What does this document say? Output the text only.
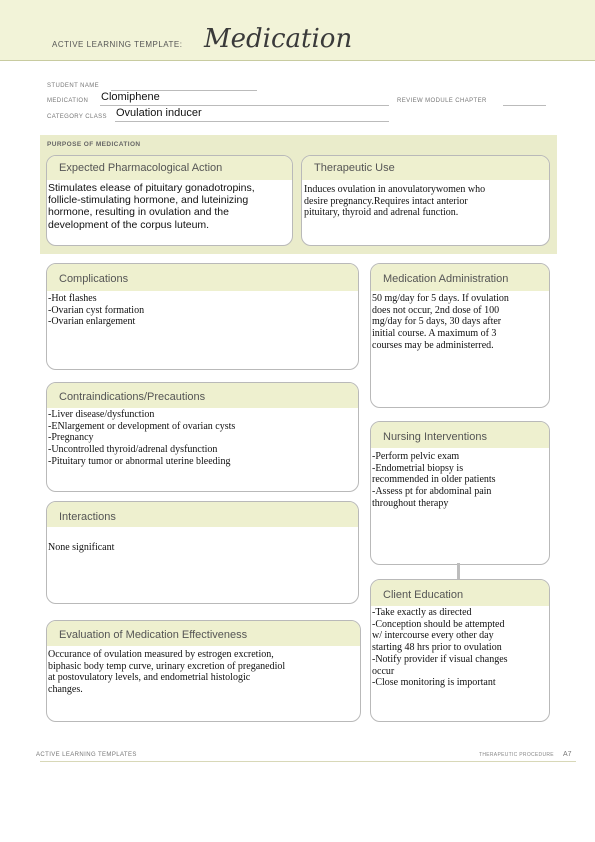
ACTIVE LEARNING TEMPLATE: Medication
STUDENT NAME
MEDICATION Clomiphene	REVIEW MODULE CHAPTER
CATEGORY CLASS Ovulation inducer
PURPOSE OF MEDICATION
Expected Pharmacological Action
Stimulates elease of pituitary gonadotropins,
follicle-stimulating hormone, and luteinizing
hormone, resulting in ovulation and the
development of the corpus luteum.
Therapeutic Use
Induces ovulation in anovulatorywomen who
desire pregnancy.Requires intact anterior
pituitary, thyroid and adrenal function.
Complications
-Hot flashes
-Ovarian cyst formation
-Ovarian enlargement
Medication Administration
50 mg/day for 5 days. If ovulation
does not occur, 2nd dose of 100
mg/day for 5 days, 30 days after
initial course. A maximum of 3
courses may be administerred.
Contraindications/Precautions
-Liver disease/dysfunction
-ENlargement or development of ovarian cysts
-Pregnancy
-Uncontrolled thyroid/adrenal dysfunction
-Pituitary tumor or abnormal uterine bleeding
Nursing Interventions
-Perform pelvic exam
-Endometrial biopsy is
recommended in older patients
-Assess pt for abdominal pain
throughout therapy
Interactions
None significant
Client Education
-Take exactly as directed
-Conception should be attempted
w/ intercourse every other day
starting 48 hrs prior to ovulation
-Notify provider if visual changes
occur
-Close monitoring is important
Evaluation of Medication Effectiveness
Occurance of ovulation measured by estrogen excretion,
biphasic body temp curve, urinary excretion of preganediol
at postovulatory levels, and endometrial histologic
changes.
ACTIVE LEARNING TEMPLATES	THERAPEUTIC PROCEDURE A7
